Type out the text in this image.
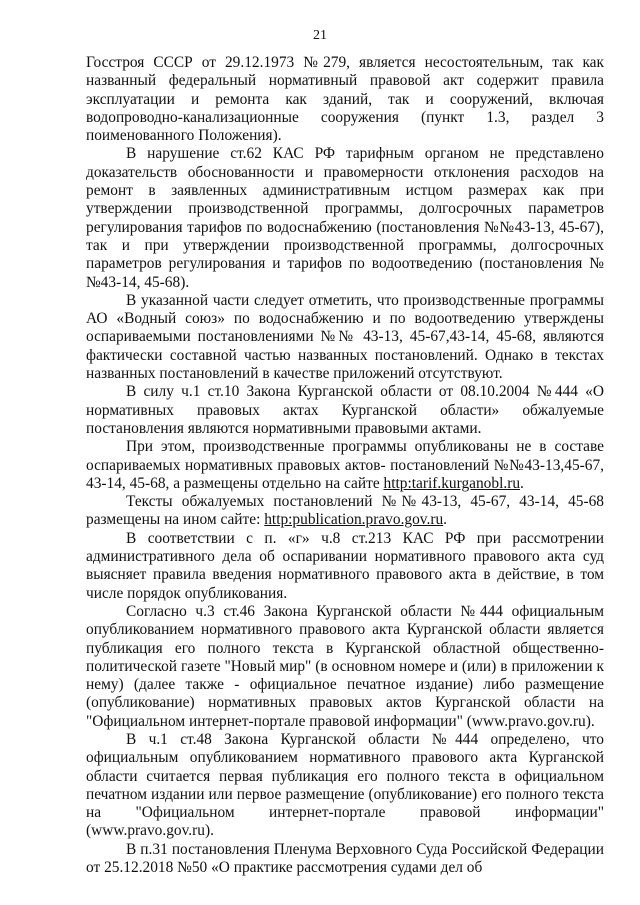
21

Госстроя СССР от 29.12.1973 №279, является несостоятельным, так как названный федеральный нормативный правовой акт содержит правила эксплуатации и ремонта как зданий, так и сооружений, включая водопроводно-канализационные сооружения (пункт 1.3, раздел 3 поименованного Положения).

В нарушение ст.62 КАС РФ тарифным органом не представлено доказательств обоснованности и правомерности отклонения расходов на ремонт в заявленных административным истцом размерах как при утверждении производственной программы, долгосрочных параметров регулирования тарифов по водоснабжению (постановления №№43-13, 45-67), так и при утверждении производственной программы, долгосрочных параметров регулирования и тарифов по водоотведению (постановления №№43-14, 45-68).

В указанной части следует отметить, что производственные программы АО «Водный союз» по водоснабжению и по водоотведению утверждены оспариваемыми постановлениями №№ 43-13, 45-67,43-14, 45-68, являются фактически составной частью названных постановлений. Однако в текстах названных постановлений в качестве приложений отсутствуют.

В силу ч.1 ст.10 Закона Курганской области от 08.10.2004 №444 «О нормативных правовых актах Курганской области» обжалуемые постановления являются нормативными правовыми актами.

При этом, производственные программы опубликованы не в составе оспариваемых нормативных правовых актов- постановлений №№43-13,45-67, 43-14, 45-68, а размещены отдельно на сайте http:tarif.kurganobl.ru.

Тексты обжалуемых постановлений №№43-13, 45-67, 43-14, 45-68 размещены на ином сайте: http:publication.pravo.gov.ru.

В соответствии с п. «г» ч.8 ст.213 КАС РФ при рассмотрении административного дела об оспаривании нормативного правового акта суд выясняет правила введения нормативного правового акта в действие, в том числе порядок опубликования.

Согласно ч.3 ст.46 Закона Курганской области №444 официальным опубликованием нормативного правового акта Курганской области является публикация его полного текста в Курганской областной общественно-политической газете "Новый мир" (в основном номере и (или) в приложении к нему) (далее также - официальное печатное издание) либо размещение (опубликование) нормативных правовых актов Курганской области на "Официальном интернет-портале правовой информации" (www.pravo.gov.ru).

В ч.1 ст.48 Закона Курганской области №444 определено, что официальным опубликованием нормативного правового акта Курганской области считается первая публикация его полного текста в официальном печатном издании или первое размещение (опубликование) его полного текста на "Официальном интернет-портале правовой информации" (www.pravo.gov.ru).

В п.31 постановления Пленума Верховного Суда Российской Федерации от 25.12.2018 №50 «О практике рассмотрения судами дел об
